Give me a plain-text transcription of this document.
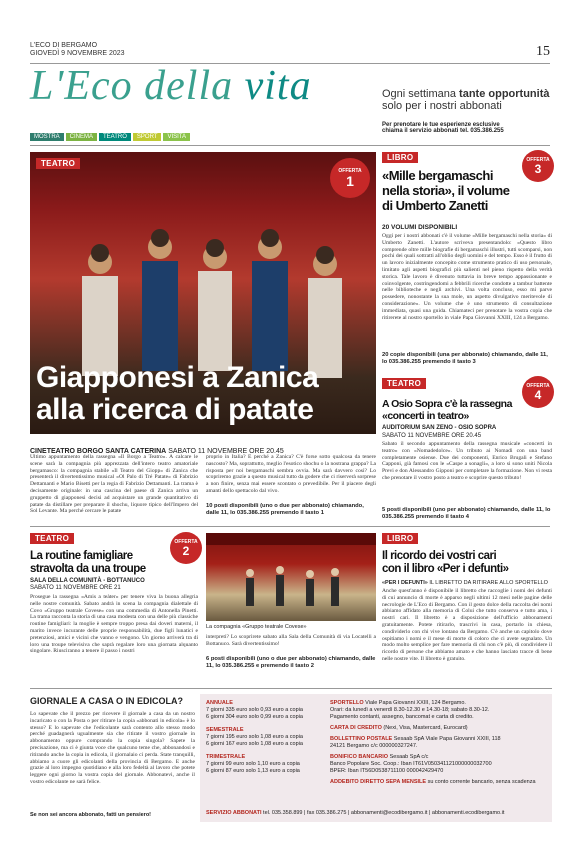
L'ECO DI BERGAMO
GIOVEDÌ 9 NOVEMBRE 2023	15
L'Eco della vita
MOSTRA	CINEMA	TEATRO	SPORT	VISITA
Ogni settimana tante opportunità
solo per i nostri abbonati
Per prenotare le tue esperienze esclusive
chiama il servizio abbonati tel. 035.386.255
TEATRO
OFFERTA
1
Giapponesi a Zanica
alla ricerca di patate
CINETEATRO BORGO SANTA CATERINA SABATO 11 NOVEMBRE ORE 20.45
Ultimo appuntamento della rassegna «Il Borgo a Teatro». A calcare le scene sarà la compagnia più apprezzata dell'intero teatro amatoriale bergamasco: la compagnia stabile «Il Teatro del Giopp» di Zanica che presenterà il divertentissimo musical «Ol Palo di Tré Patate» di Fabrizio Dettamanti e Mario Bisetti per la regia di Fabrizio Dettamanti. La trama è decisamente originale: in una cascina del paese di Zanica arriva un gruppetto di giapponesi decisi ad acquistare un grande quantitativo di patate da distillare per preparare il shochu, liquore tipico dell'Impero del Sol Levante. Ma perché cercare le patate
proprio in Italia? E perché a Zanica? C'è forse sotto qualcosa da tenere nascosto? Ma, soprattutto, meglio l'esotico shochu o la nostrana grappa? La risposta per noi bergamaschi sembra ovvia. Ma sarà davvero così? Lo scopriremo grazie a questo musical tutto da godere che ci riserverà sorprese a non finire, senza mai essere scontato o prevedibile. Per il piacere degli amanti dello spettacolo dal vivo.
10 posti disponibili (uno o due per abbonato) chiamando, dalle 11, lo 035.386.255 premendo il tasto 1
LIBRO	OFFERTA
3
«Mille bergamaschi
nella storia», il volume
di Umberto Zanetti
20 VOLUMI DISPONIBILI
Oggi per i nostri abbonati c'è il volume «Mille bergamaschi nella storia» di Umberto Zanetti. L'autore scriveva presentandolo: «Questo libro comprende oltre mille biografie di bergamaschi illustri, tutti scomparsi, non pochi dei quali sottratti all'oblio degli uomini e del tempo. Esso è il frutto di un lavoro inizialmente concepito come strumento pratico di uso personale, limitato agli aspetti biografici più salienti nel pieno rispetto della verità storica. Tale lavoro è divenuto tuttavia in breve tempo appassionante e coinvolgente, costringendomi a febbrili ricerche condotte a tambur battente nelle biblioteche e negli archivi. Una volta concluso, esso mi parve possedere, nonostante la sua mole, un aspetto divulgativo meritevole di considerazione». Un volume che è uno strumento di consultazione immediata, quasi una guida. Chiamateci per prenotare la vostra copia che ritirerete al nostro sportello in viale Papa Giovanni XXIII, 124 a Bergamo.
20 copie disponibili (una per abbonato) chiamando, dalle 11, lo 035.386.255 premendo il tasto 3
TEATRO	OFFERTA
4
A Osio Sopra c'è la rassegna
«concerti in teatro»
AUDITORIUM SAN ZENO - OSIO SOPRA
SABATO 11 NOVEMBRE ORE 20.45
Sabato il secondo appuntamento della rassegna musicale «concerti in teatro» con «Nomadedolce». Un tributo ai Nomadi con una band completamente osiense. Due dei componenti, Enrico Brugali e Stefano Capponi, già famosi con le «Caspe a sonagli», a loro si sono uniti Nicola Previ e don Alessandro Gipponi per completare la formazione. Non vi resta che prenotare il vostro posto a teatro e scoprire questo tributo!
5 posti disponibili (uno per abbonato) chiamando, dalle 11, lo 035.386.255 premendo il tasto 4
TEATRO	OFFERTA
2
La routine famigliare
stravolta da una troupe
SALA DELLA COMUNITÀ - BOTTANUCO
SABATO 11 NOVEMBRE ORE 21
Prosegue la rassegna «Amis a teàter» per tenere viva la buona allegria nelle nostre comunità. Sabato andrà in scena la compagnia dialettale di Covo «Gruppo teatrale Covese» con una commedia di Antonella Pinetti. La trama racconta la storia di una casa modesta con una delle più classiche routine famigliari: la moglie è sempre troppo presa dai doveri materni, il marito invece incurante delle proprie responsabilità, due figli lunatici e pretenziosi, amici e vicini che vanno e vengono. Un giorno arriverà tra di loro una troupe televisiva che saprà regalare loro una giornata alquanto singolare. Riusciranno a tenere il passo i nostri
La compagnia «Gruppo teatrale Covese»
interpreti? Lo scoprirete sabato alla Sala della Comunità di via Locatelli a Bottanuco. Sarà divertentissimo!
6 posti disponibili (uno o due per abbonato) chiamando, dalle 11, lo 035.386.255 e premendo il tasto 2
LIBRO
Il ricordo dei vostri cari
con il libro «Per i defunti»
«PER I DEFUNTI» IL LIBRETTO DA RITIRARE ALLO SPORTELLO
Anche quest'anno è disponibile il libretto che raccoglie i nomi dei defunti di cui annuncio di morte è apparso negli ultimi 12 mesi nelle pagine delle necrologie de L'Eco di Bergamo. Con il gesto dolce della raccolta dei nomi abbiamo affidato alla memoria di Colui che tutto conserva e tutto ama, i nostri cari. Il libretto è a disposizione dell'ufficio abbonamenti gratuitamente. Potete ritirarlo, trascrivi in casa, portarlo in chiesa, condividerlo con chi vive lontano da Bergamo. C'è anche un capitolo dove ospitiamo i nomi e il mese di morte di coloro che ci avete segnalato. Un modo molto semplice per fare memoria di chi non c'è più, di condividere il ricordo di persone che abbiamo amato e che hanno lasciato tracce di bene nelle nostre vite. Il libretto è gratuito.
GIORNALE A CASA O IN EDICOLA?
Lo sapevate che il prezzo per ricevere il giornale a casa da un nostro incaricato o con la Posta o per ritirare la copia «abbonati in edicola» è lo stesso? E lo sapevate che l'edicolante sarà contento allo stesso modo perché guadagnerà ugualmente sia che ritirate il vostro giornale in abbonamento oppure comprando la copia singola? Sapete la precisazione, ma ci è giunta voce che qualcuno teme che, abbonandosi e ritirando anche la copia in edicola, il giornalaio ci perda. State tranquilli, abbiamo a cuore gli edicolanti della provincia di Bergamo. E anche grazie al loro impegno quotidiano e alla loro fedeltà al lavoro che potete leggere ogni giorno la vostra copia del giornale. Abbonatevi, anche il vostro edicolante ne sarà felice.
Se non sei ancora abbonato, fatti un pensiero!
ANNUALE
7 giorni 335 euro solo 0,93 euro a copia
6 giorni 304 euro solo 0,99 euro a copia
SEMESTRALE
7 giorni 195 euro solo 1,08 euro a copia
6 giorni 167 euro solo 1,08 euro a copia
TRIMESTRALE
7 giorni 99 euro solo 1,10 euro a copia
6 giorni 87 euro solo 1,13 euro a copia
SPORTELLO Viale Papa Giovanni XXIII, 124 Bergamo.
Orari: da lunedì a venerdì 8.30-12.30 e 14.30-18; sabato 8.30-12.
Pagamento contanti, assegno, bancomat e carta di credito.
CARTA DI CREDITO (Nexi, Visa, Mastercard, Eurocard)
BOLLETTINO POSTALE Sesaab SpA Viale Papa Giovanni XXIII, 118
24121 Bergamo c/c 000000327247.
BONIFICO BANCARIO Sesaab SpA c/c
Banco Popolare Soc. Coop.: Iban IT61V050341121000000032700
BPER: Iban IT56D0538711100 000042429470
ADDEBITO DIRETTO SEPA MENSILE su conto corrente bancario, senza scadenza
SERVIZIO ABBONATI tel. 035.358.899 | fax 035.386.275 | abbonamenti@ecodibergamo.it | abbonamenti.ecodibergamo.it
